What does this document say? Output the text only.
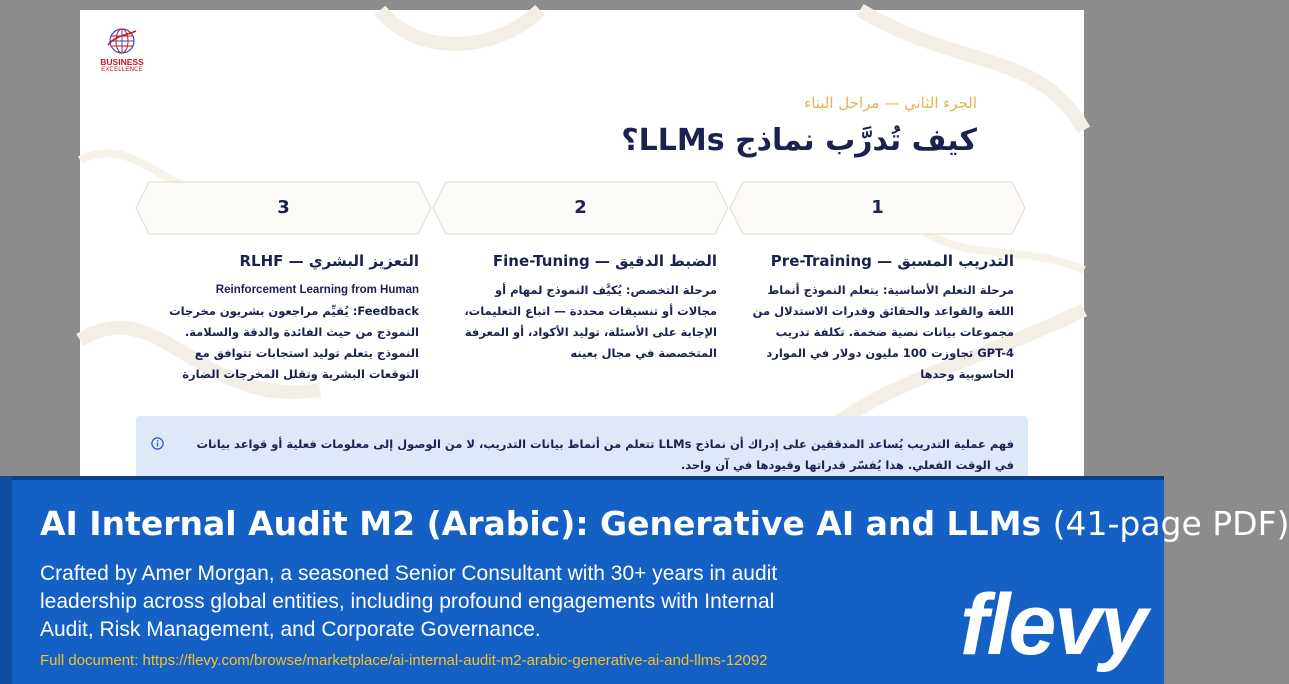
BUSINESS
EXCELLENCE
الجزء الثاني — مراحل البناء
كيف تُدرَّب نماذج LLMs؟
1
2
3
التدريب المسبق — Pre-Training
مرحلة التعلم الأساسية: يتعلم النموذج أنماط
اللغة والقواعد والحقائق وقدرات الاستدلال من
مجموعات بيانات نصية ضخمة. تكلفة تدريب
GPT-4 تجاوزت 100 مليون دولار في الموارد
الحاسوبية وحدها
الضبط الدقيق — Fine-Tuning
مرحلة التخصص: يُكيَّف النموذج لمهام أو
مجالات أو تنسيقات محددة — اتباع التعليمات،
الإجابة على الأسئلة، توليد الأكواد، أو المعرفة
المتخصصة في مجال بعينه
التعزيز البشري — RLHF
Reinforcement Learning from Human
Feedback: يُقيِّم مراجعون بشريون مخرجات
النموذج من حيث الفائدة والدقة والسلامة.
النموذج يتعلم توليد استجابات تتوافق مع
التوقعات البشرية وتقلل المخرجات الضارة
فهم عملية التدريب يُساعد المدققين على إدراك أن نماذج LLMs تتعلم من أنماط بيانات التدريب، لا من الوصول إلى معلومات فعلية أو قواعد بيانات
في الوقت الفعلي. هذا يُفسّر قدراتها وقيودها في آن واحد.
AI Internal Audit M2 (Arabic): Generative AI and LLMs (41-page PDF)
Crafted by Amer Morgan, a seasoned Senior Consultant with 30+ years in audit leadership across global entities, including profound engagements with Internal Audit, Risk Management, and Corporate Governance.
Full document: https://flevy.com/browse/marketplace/ai-internal-audit-m2-arabic-generative-ai-and-llms-12092 flevy
